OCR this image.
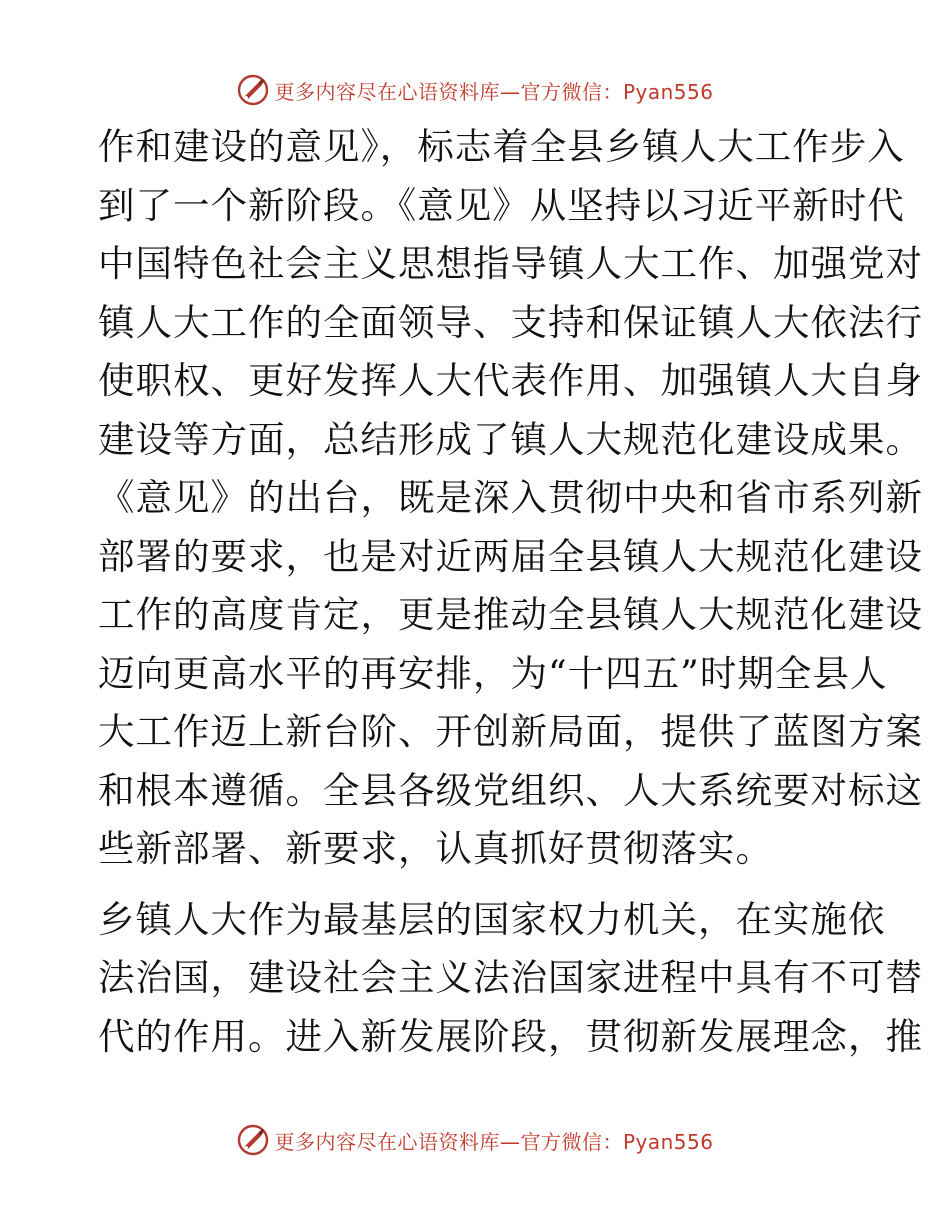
更多内容尽在心语资料库—官方微信：Pyan556
作和建设的意见》，标志着全县乡镇人大工作步入
到了一个新阶段。《意见》从坚持以习近平新时代
中国特色社会主义思想指导镇人大工作、加强党对
镇人大工作的全面领导、支持和保证镇人大依法行
使职权、更好发挥人大代表作用、加强镇人大自身
建设等方面，总结形成了镇人大规范化建设成果。
《意见》的出台，既是深入贯彻中央和省市系列新
部署的要求，也是对近两届全县镇人大规范化建设
工作的高度肯定，更是推动全县镇人大规范化建设
迈向更高水平的再安排，为“十四五”时期全县人
大工作迈上新台阶、开创新局面，提供了蓝图方案
和根本遵循。全县各级党组织、人大系统要对标这
些新部署、新要求，认真抓好贯彻落实。
乡镇人大作为最基层的国家权力机关，在实施依
法治国，建设社会主义法治国家进程中具有不可替
代的作用。进入新发展阶段，贯彻新发展理念，推
更多内容尽在心语资料库—官方微信：Pyan556
